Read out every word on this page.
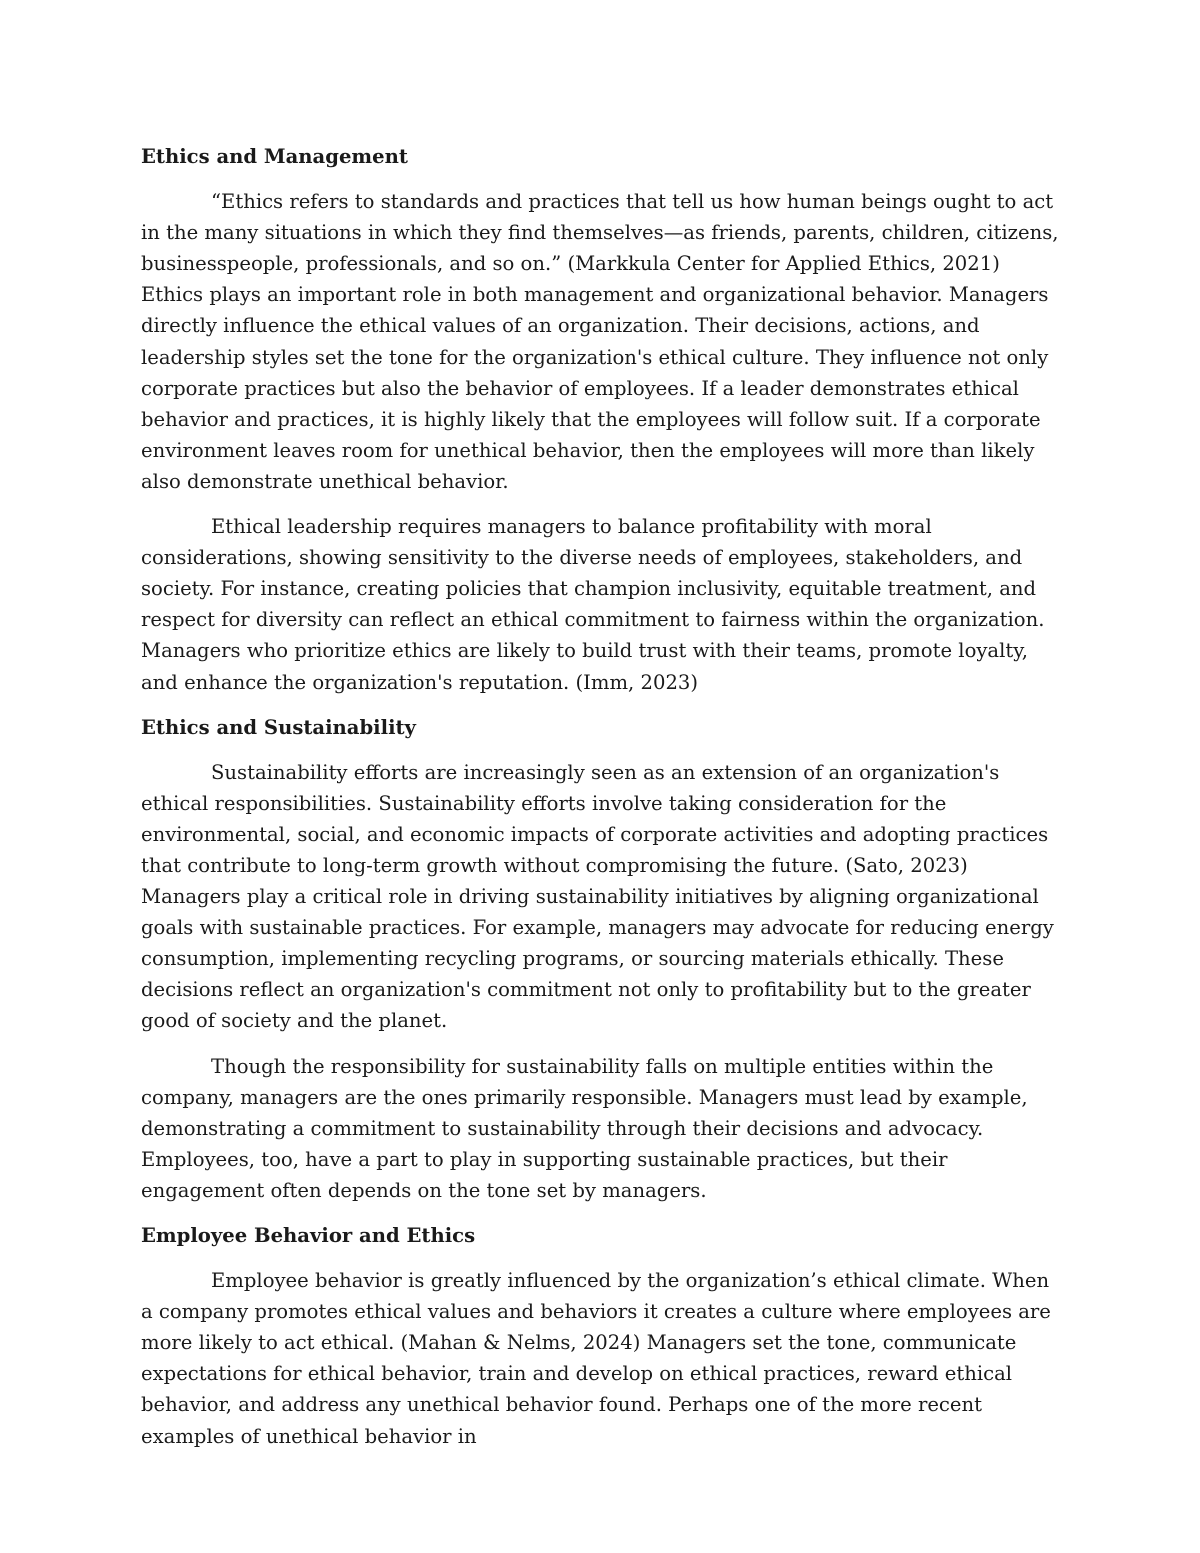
Ethics and Management

“Ethics refers to standards and practices that tell us how human beings ought to act in the many situations in which they find themselves—as friends, parents, children, citizens, businesspeople, professionals, and so on.” (Markkula Center for Applied Ethics, 2021) Ethics plays an important role in both management and organizational behavior. Managers directly influence the ethical values of an organization. Their decisions, actions, and leadership styles set the tone for the organization's ethical culture. They influence not only corporate practices but also the behavior of employees. If a leader demonstrates ethical behavior and practices, it is highly likely that the employees will follow suit. If a corporate environment leaves room for unethical behavior, then the employees will more than likely also demonstrate unethical behavior.

Ethical leadership requires managers to balance profitability with moral considerations, showing sensitivity to the diverse needs of employees, stakeholders, and society. For instance, creating policies that champion inclusivity, equitable treatment, and respect for diversity can reflect an ethical commitment to fairness within the organization. Managers who prioritize ethics are likely to build trust with their teams, promote loyalty, and enhance the organization's reputation. (Imm, 2023)

Ethics and Sustainability

Sustainability efforts are increasingly seen as an extension of an organization's ethical responsibilities. Sustainability efforts involve taking consideration for the environmental, social, and economic impacts of corporate activities and adopting practices that contribute to long-term growth without compromising the future. (Sato, 2023) Managers play a critical role in driving sustainability initiatives by aligning organizational goals with sustainable practices. For example, managers may advocate for reducing energy consumption, implementing recycling programs, or sourcing materials ethically. These decisions reflect an organization's commitment not only to profitability but to the greater good of society and the planet.

Though the responsibility for sustainability falls on multiple entities within the company, managers are the ones primarily responsible. Managers must lead by example, demonstrating a commitment to sustainability through their decisions and advocacy. Employees, too, have a part to play in supporting sustainable practices, but their engagement often depends on the tone set by managers.

Employee Behavior and Ethics

Employee behavior is greatly influenced by the organization’s ethical climate. When a company promotes ethical values and behaviors it creates a culture where employees are more likely to act ethical. (Mahan & Nelms, 2024) Managers set the tone, communicate expectations for ethical behavior, train and develop on ethical practices, reward ethical behavior, and address any unethical behavior found. Perhaps one of the more recent examples of unethical behavior in
